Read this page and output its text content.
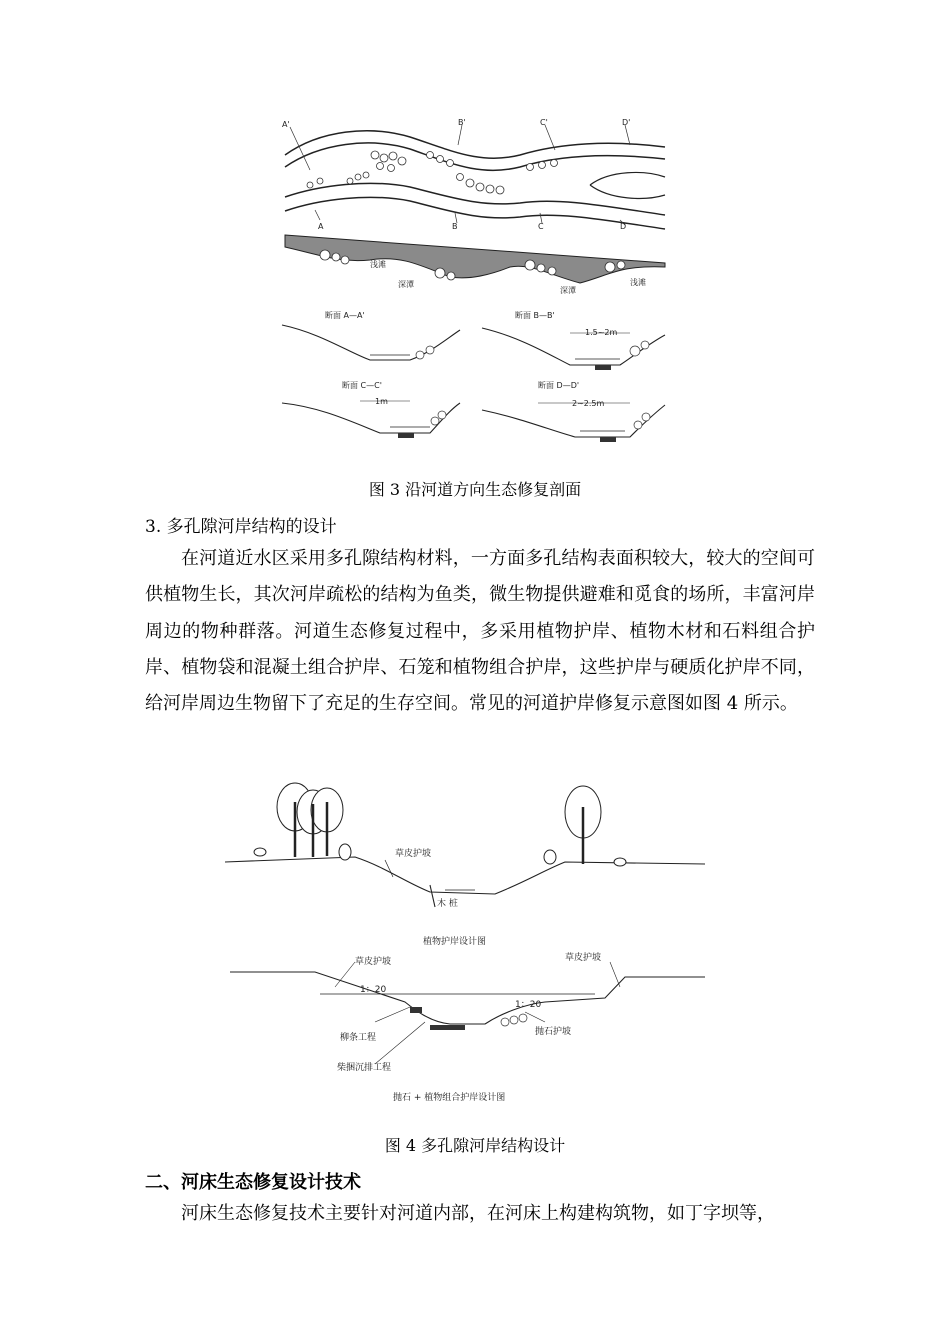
A'	B'	C'	D'
A	B	C	D
浅滩
深潭
深潭
浅滩
断面 A—A'	断面 B—B'
断面 C—C'	断面 D—D'
1.5~2m
1m	2~2.5m
图 3 沿河道方向生态修复剖面
3. 多孔隙河岸结构的设计
在河道近水区采用多孔隙结构材料，一方面多孔结构表面积较大，较大的空间可供植物生长，其次河岸疏松的结构为鱼类，微生物提供避难和觅食的场所，丰富河岸周边的物种群落。河道生态修复过程中，多采用植物护岸、植物木材和石料组合护岸、植物袋和混凝土组合护岸、石笼和植物组合护岸，这些护岸与硬质化护岸不同，给河岸周边生物留下了充足的生存空间。常见的河道护岸修复示意图如图 4 所示。
草皮护坡
木 桩
植物护岸设计图
草皮护坡	草皮护坡
1：20
1：20
柳条工程
抛石护坡
柴捆沉排工程
抛石 + 植物组合护岸设计图
图 4 多孔隙河岸结构设计
二、河床生态修复设计技术
河床生态修复技术主要针对河道内部，在河床上构建构筑物，如丁字坝等，
